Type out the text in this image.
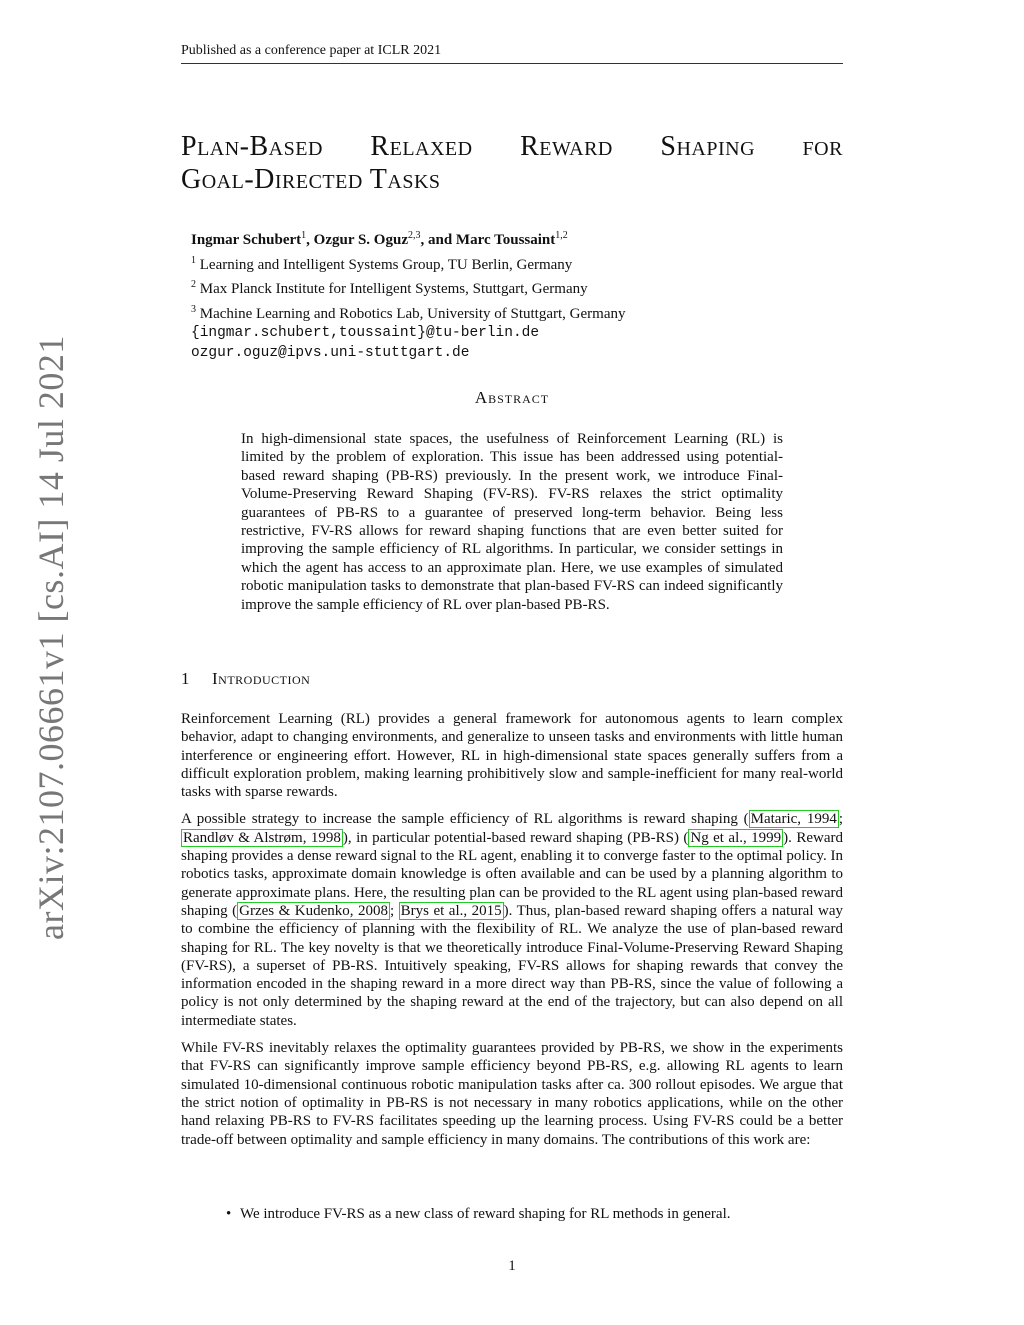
Published as a conference paper at ICLR 2021
arXiv:2107.06661v1 [cs.AI] 14 Jul 2021
Plan-Based Relaxed Reward Shaping for
Goal-Directed Tasks
Ingmar Schubert$^1$, Ozgur S. Oguz$^{2,3}$, and Marc Toussaint$^{1,2}$
$^1$ Learning and Intelligent Systems Group, TU Berlin, Germany
$^2$ Max Planck Institute for Intelligent Systems, Stuttgart, Germany
$^3$ Machine Learning and Robotics Lab, University of Stuttgart, Germany
{ingmar.schubert,toussaint}@tu-berlin.de
ozgur.oguz@ipvs.uni-stuttgart.de
Abstract
In high-dimensional state spaces, the usefulness of Reinforcement Learning (RL) is limited by the problem of exploration. This issue has been addressed using potential-based reward shaping (PB-RS) previously. In the present work, we introduce Final-Volume-Preserving Reward Shaping (FV-RS). FV-RS relaxes the strict optimality guarantees of PB-RS to a guarantee of preserved long-term behavior. Being less restrictive, FV-RS allows for reward shaping functions that are even better suited for improving the sample efficiency of RL algorithms. In particular, we consider settings in which the agent has access to an approximate plan. Here, we use examples of simulated robotic manipulation tasks to demonstrate that plan-based FV-RS can indeed significantly improve the sample efficiency of RL over plan-based PB-RS.
1 Introduction

Reinforcement Learning (RL) provides a general framework for autonomous agents to learn complex behavior, adapt to changing environments, and generalize to unseen tasks and environments with little human interference or engineering effort. However, RL in high-dimensional state spaces generally suffers from a difficult exploration problem, making learning prohibitively slow and sample-inefficient for many real-world tasks with sparse rewards.

A possible strategy to increase the sample efficiency of RL algorithms is reward shaping ( Mataric, 1994 ; Randløv & Alstrøm, 1998 ), in particular potential-based reward shaping (PB-RS) ( Ng et al., 1999 ). Reward shaping provides a dense reward signal to the RL agent, enabling it to converge faster to the optimal policy. In robotics tasks, approximate domain knowledge is often available and can be used by a planning algorithm to generate approximate plans. Here, the resulting plan can be provided to the RL agent using plan-based reward shaping ( Grzes & Kudenko, 2008 ; Brys et al., 2015 ). Thus, plan-based reward shaping offers a natural way to combine the efficiency of planning with the flexibility of RL. We analyze the use of plan-based reward shaping for RL. The key novelty is that we theoretically introduce Final-Volume-Preserving Reward Shaping (FV-RS), a superset of PB-RS. Intuitively speaking, FV-RS allows for shaping rewards that convey the information encoded in the shaping reward in a more direct way than PB-RS, since the value of following a policy is not only determined by the shaping reward at the end of the trajectory, but can also depend on all intermediate states.

While FV-RS inevitably relaxes the optimality guarantees provided by PB-RS, we show in the experiments that FV-RS can significantly improve sample efficiency beyond PB-RS, e.g. allowing RL agents to learn simulated 10-dimensional continuous robotic manipulation tasks after ca. 300 rollout episodes. We argue that the strict notion of optimality in PB-RS is not necessary in many robotics applications, while on the other hand relaxing PB-RS to FV-RS facilitates speeding up the learning process. Using FV-RS could be a better trade-off between optimality and sample efficiency in many domains. The contributions of this work are:

• We introduce FV-RS as a new class of reward shaping for RL methods in general.
1
